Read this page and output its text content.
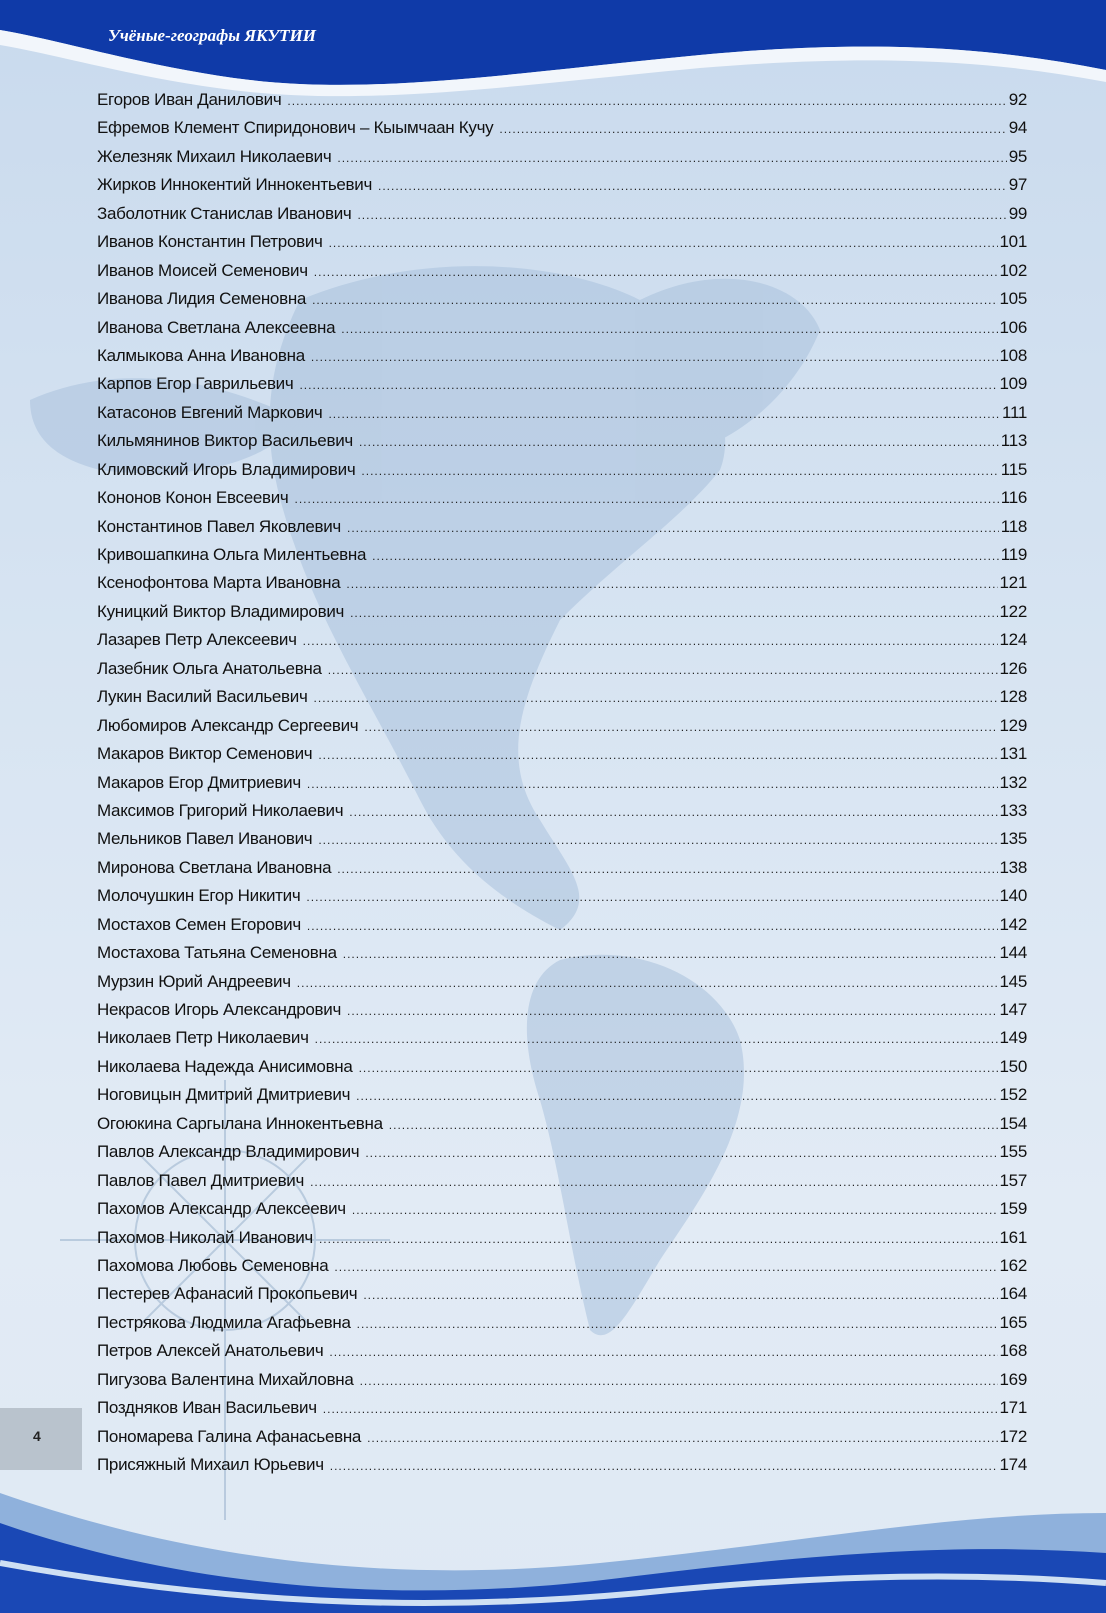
Учёные-географы ЯКУТИИ
Егоров Иван Данилович .....	92
Ефремов Клемент Спиридонович – Кыымчаан Кучу .....	94
Железняк Михаил Николаевич .....	95
Жирков Иннокентий Иннокентьевич .....	97
Заболотник Станислав Иванович .....	99
Иванов Константин Петрович .....	101
Иванов Моисей Семенович .....	102
Иванова Лидия Семеновна .....	105
Иванова Светлана Алексеевна .....	106
Калмыкова Анна Ивановна .....	108
Карпов Егор Гаврильевич .....	109
Катасонов Евгений Маркович .....	111
Кильмянинов Виктор Васильевич .....	113
Климовский Игорь Владимирович .....	115
Кононов Конон Евсеевич .....	116
Константинов Павел Яковлевич .....	118
Кривошапкина Ольга Милентьевна .....	119
Ксенофонтова Марта Ивановна .....	121
Куницкий Виктор Владимирович .....	122
Лазарев Петр Алексеевич .....	124
Лазебник Ольга Анатольевна .....	126
Лукин Василий Васильевич .....	128
Любомиров Александр Сергеевич .....	129
Макаров Виктор Семенович .....	131
Макаров Егор Дмитриевич .....	132
Максимов Григорий Николаевич .....	133
Мельников Павел Иванович .....	135
Миронова Светлана Ивановна .....	138
Молочушкин Егор Никитич .....	140
Мостахов Семен Егорович .....	142
Мостахова Татьяна Семеновна .....	144
Мурзин Юрий Андреевич .....	145
Некрасов Игорь Александрович .....	147
Николаев Петр Николаевич .....	149
Николаева Надежда Анисимовна .....	150
Ноговицын Дмитрий Дмитриевич .....	152
Огоюкина Саргылана Иннокентьевна .....	154
Павлов Александр Владимирович .....	155
Павлов Павел Дмитриевич .....	157
Пахомов Александр Алексеевич .....	159
Пахомов Николай Иванович .....	161
Пахомова Любовь Семеновна .....	162
Пестерев Афанасий Прокопьевич .....	164
Пестрякова Людмила Агафьевна .....	165
Петров Алексей Анатольевич .....	168
Пигузова Валентина Михайловна .....	169
Поздняков Иван Васильевич .....	171
Пономарева Галина Афанасьевна .....	172
Присяжный Михаил Юрьевич .....	174
4
